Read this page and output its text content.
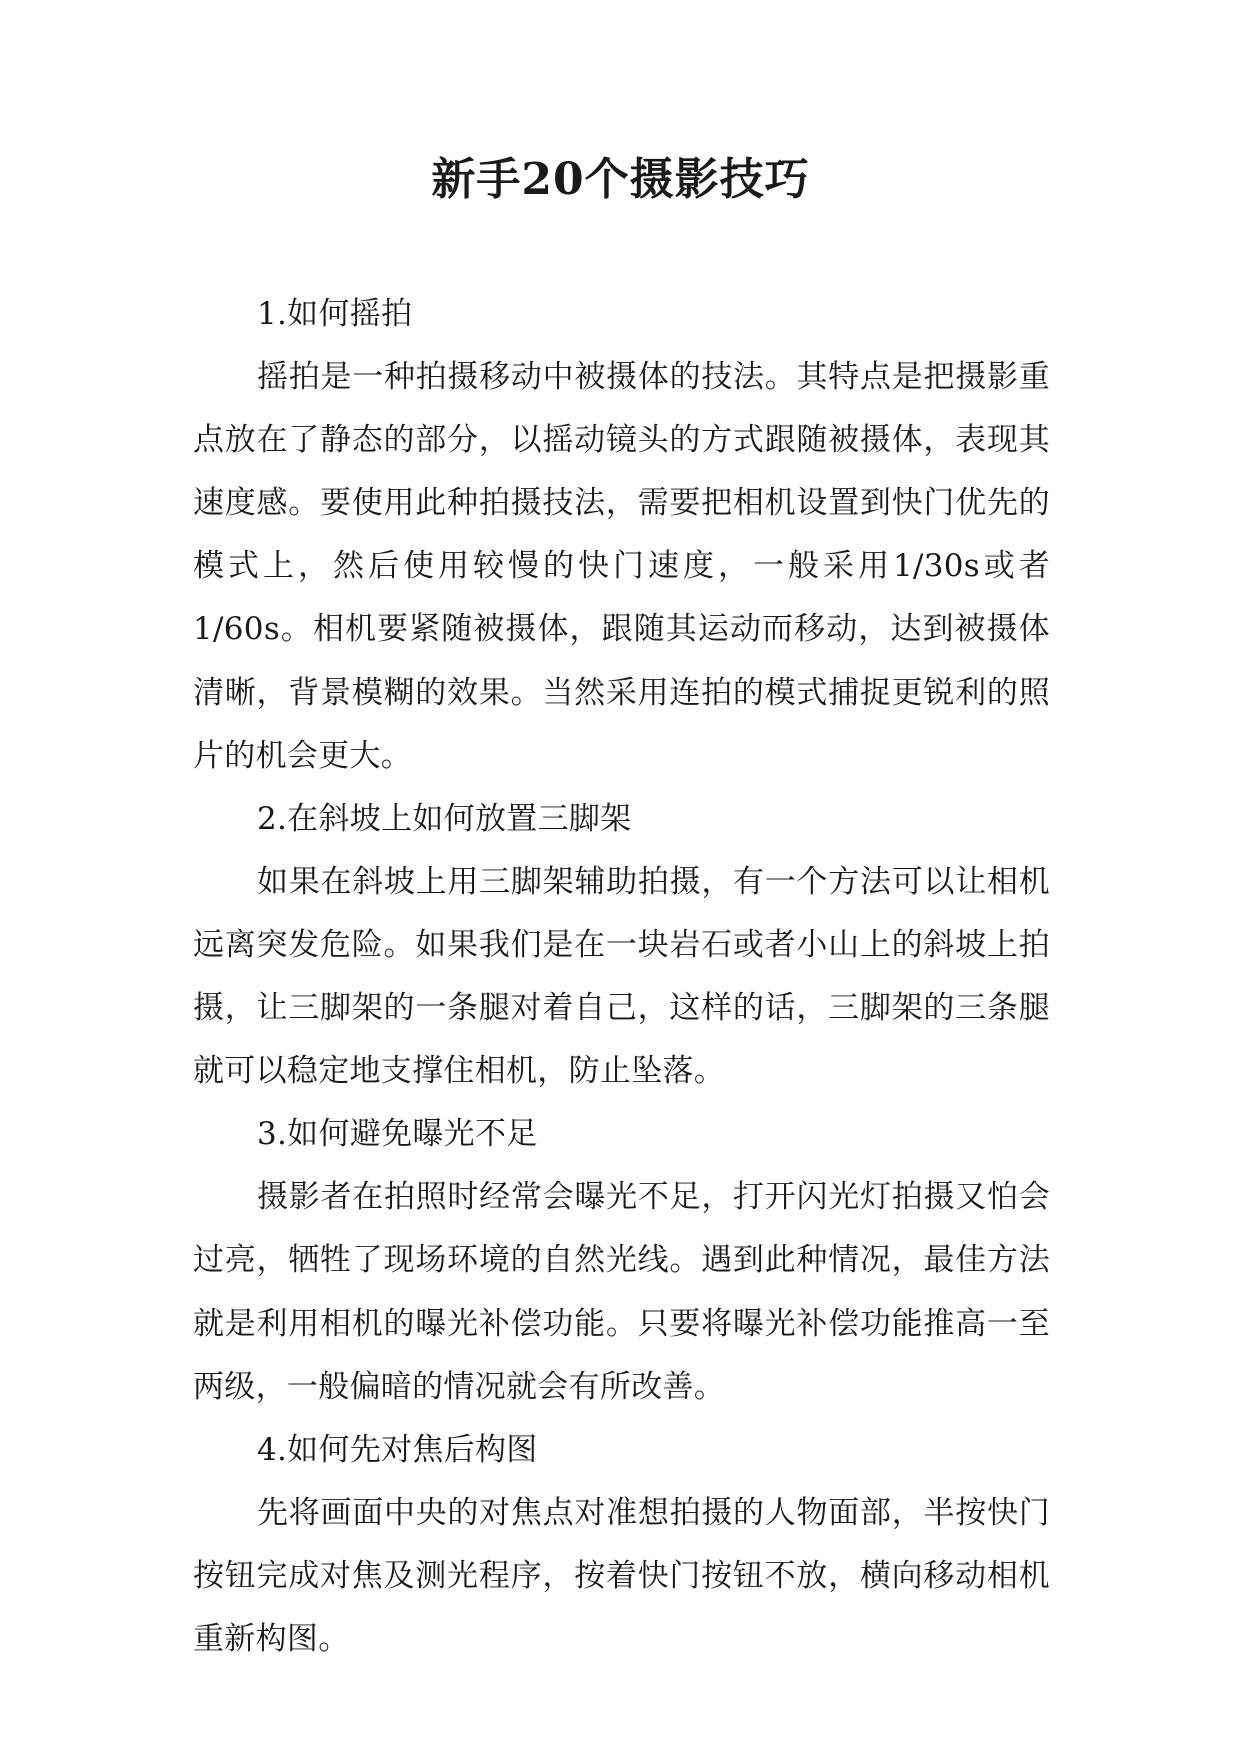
新手20个摄影技巧

1.如何摇拍

摇拍是一种拍摄移动中被摄体的技法。其特点是把摄影重点放在了静态的部分，以摇动镜头的方式跟随被摄体，表现其速度感。要使用此种拍摄技法，需要把相机设置到快门优先的模式上，然后使用较慢的快门速度，一般采用1/30s或者1/60s。相机要紧随被摄体，跟随其运动而移动，达到被摄体清晰，背景模糊的效果。当然采用连拍的模式捕捉更锐利的照片的机会更大。

2.在斜坡上如何放置三脚架

如果在斜坡上用三脚架辅助拍摄，有一个方法可以让相机远离突发危险。如果我们是在一块岩石或者小山上的斜坡上拍摄，让三脚架的一条腿对着自己，这样的话，三脚架的三条腿就可以稳定地支撑住相机，防止坠落。

3.如何避免曝光不足

摄影者在拍照时经常会曝光不足，打开闪光灯拍摄又怕会过亮，牺牲了现场环境的自然光线。遇到此种情况，最佳方法就是利用相机的曝光补偿功能。只要将曝光补偿功能推高一至两级，一般偏暗的情况就会有所改善。

4.如何先对焦后构图

先将画面中央的对焦点对准想拍摄的人物面部，半按快门按钮完成对焦及测光程序，按着快门按钮不放，横向移动相机重新构图。
